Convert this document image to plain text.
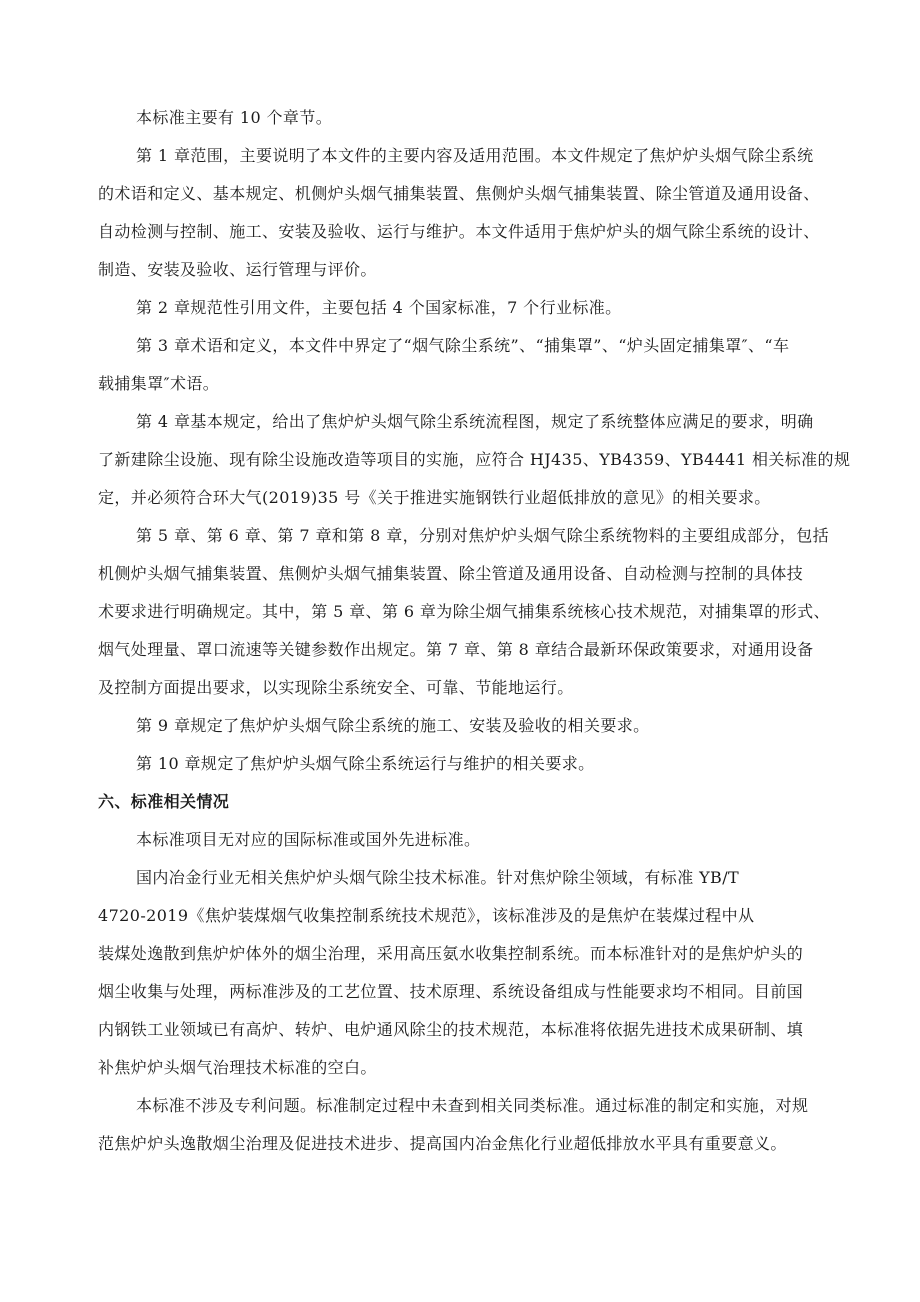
本标准主要有 10 个章节。
第 1 章范围，主要说明了本文件的主要内容及适用范围。本文件规定了焦炉炉头烟气除尘系统
的术语和定义、基本规定、机侧炉头烟气捕集装置、焦侧炉头烟气捕集装置、除尘管道及通用设备、
自动检测与控制、施工、安装及验收、运行与维护。本文件适用于焦炉炉头的烟气除尘系统的设计、
制造、安装及验收、运行管理与评价。
第 2 章规范性引用文件，主要包括 4 个国家标准，7 个行业标准。
第 3 章术语和定义，本文件中界定了“烟气除尘系统”、“捕集罩”、“炉头固定捕集罩″、“车
载捕集罩″术语。
第 4 章基本规定，给出了焦炉炉头烟气除尘系统流程图，规定了系统整体应满足的要求，明确
了新建除尘设施、现有除尘设施改造等项目的实施，应符合 HJ435、YB4359、YB4441 相关标准的规
定，并必须符合环大气(2019)35 号《关于推进实施钢铁行业超低排放的意见》的相关要求。
第 5 章、第 6 章、第 7 章和第 8 章，分别对焦炉炉头烟气除尘系统物料的主要组成部分，包括
机侧炉头烟气捕集装置、焦侧炉头烟气捕集装置、除尘管道及通用设备、自动检测与控制的具体技
术要求进行明确规定。其中，第 5 章、第 6 章为除尘烟气捕集系统核心技术规范，对捕集罩的形式、
烟气处理量、罩口流速等关键参数作出规定。第 7 章、第 8 章结合最新环保政策要求，对通用设备
及控制方面提出要求，以实现除尘系统安全、可靠、节能地运行。
第 9 章规定了焦炉炉头烟气除尘系统的施工、安装及验收的相关要求。
第 10 章规定了焦炉炉头烟气除尘系统运行与维护的相关要求。
六、标准相关情况
本标准项目无对应的国际标准或国外先进标准。
国内冶金行业无相关焦炉炉头烟气除尘技术标准。针对焦炉除尘领域，有标准 YB/T
4720-2019《焦炉装煤烟气收集控制系统技术规范》，该标准涉及的是焦炉在装煤过程中从
装煤处逸散到焦炉炉体外的烟尘治理，采用高压氨水收集控制系统。而本标准针对的是焦炉炉头的
烟尘收集与处理，两标准涉及的工艺位置、技术原理、系统设备组成与性能要求均不相同。目前国
内钢铁工业领域已有高炉、转炉、电炉通风除尘的技术规范，本标准将依据先进技术成果研制、填
补焦炉炉头烟气治理技术标准的空白。
本标准不涉及专利问题。标准制定过程中未查到相关同类标准。通过标准的制定和实施，对规
范焦炉炉头逸散烟尘治理及促进技术进步、提高国内冶金焦化行业超低排放水平具有重要意义。
